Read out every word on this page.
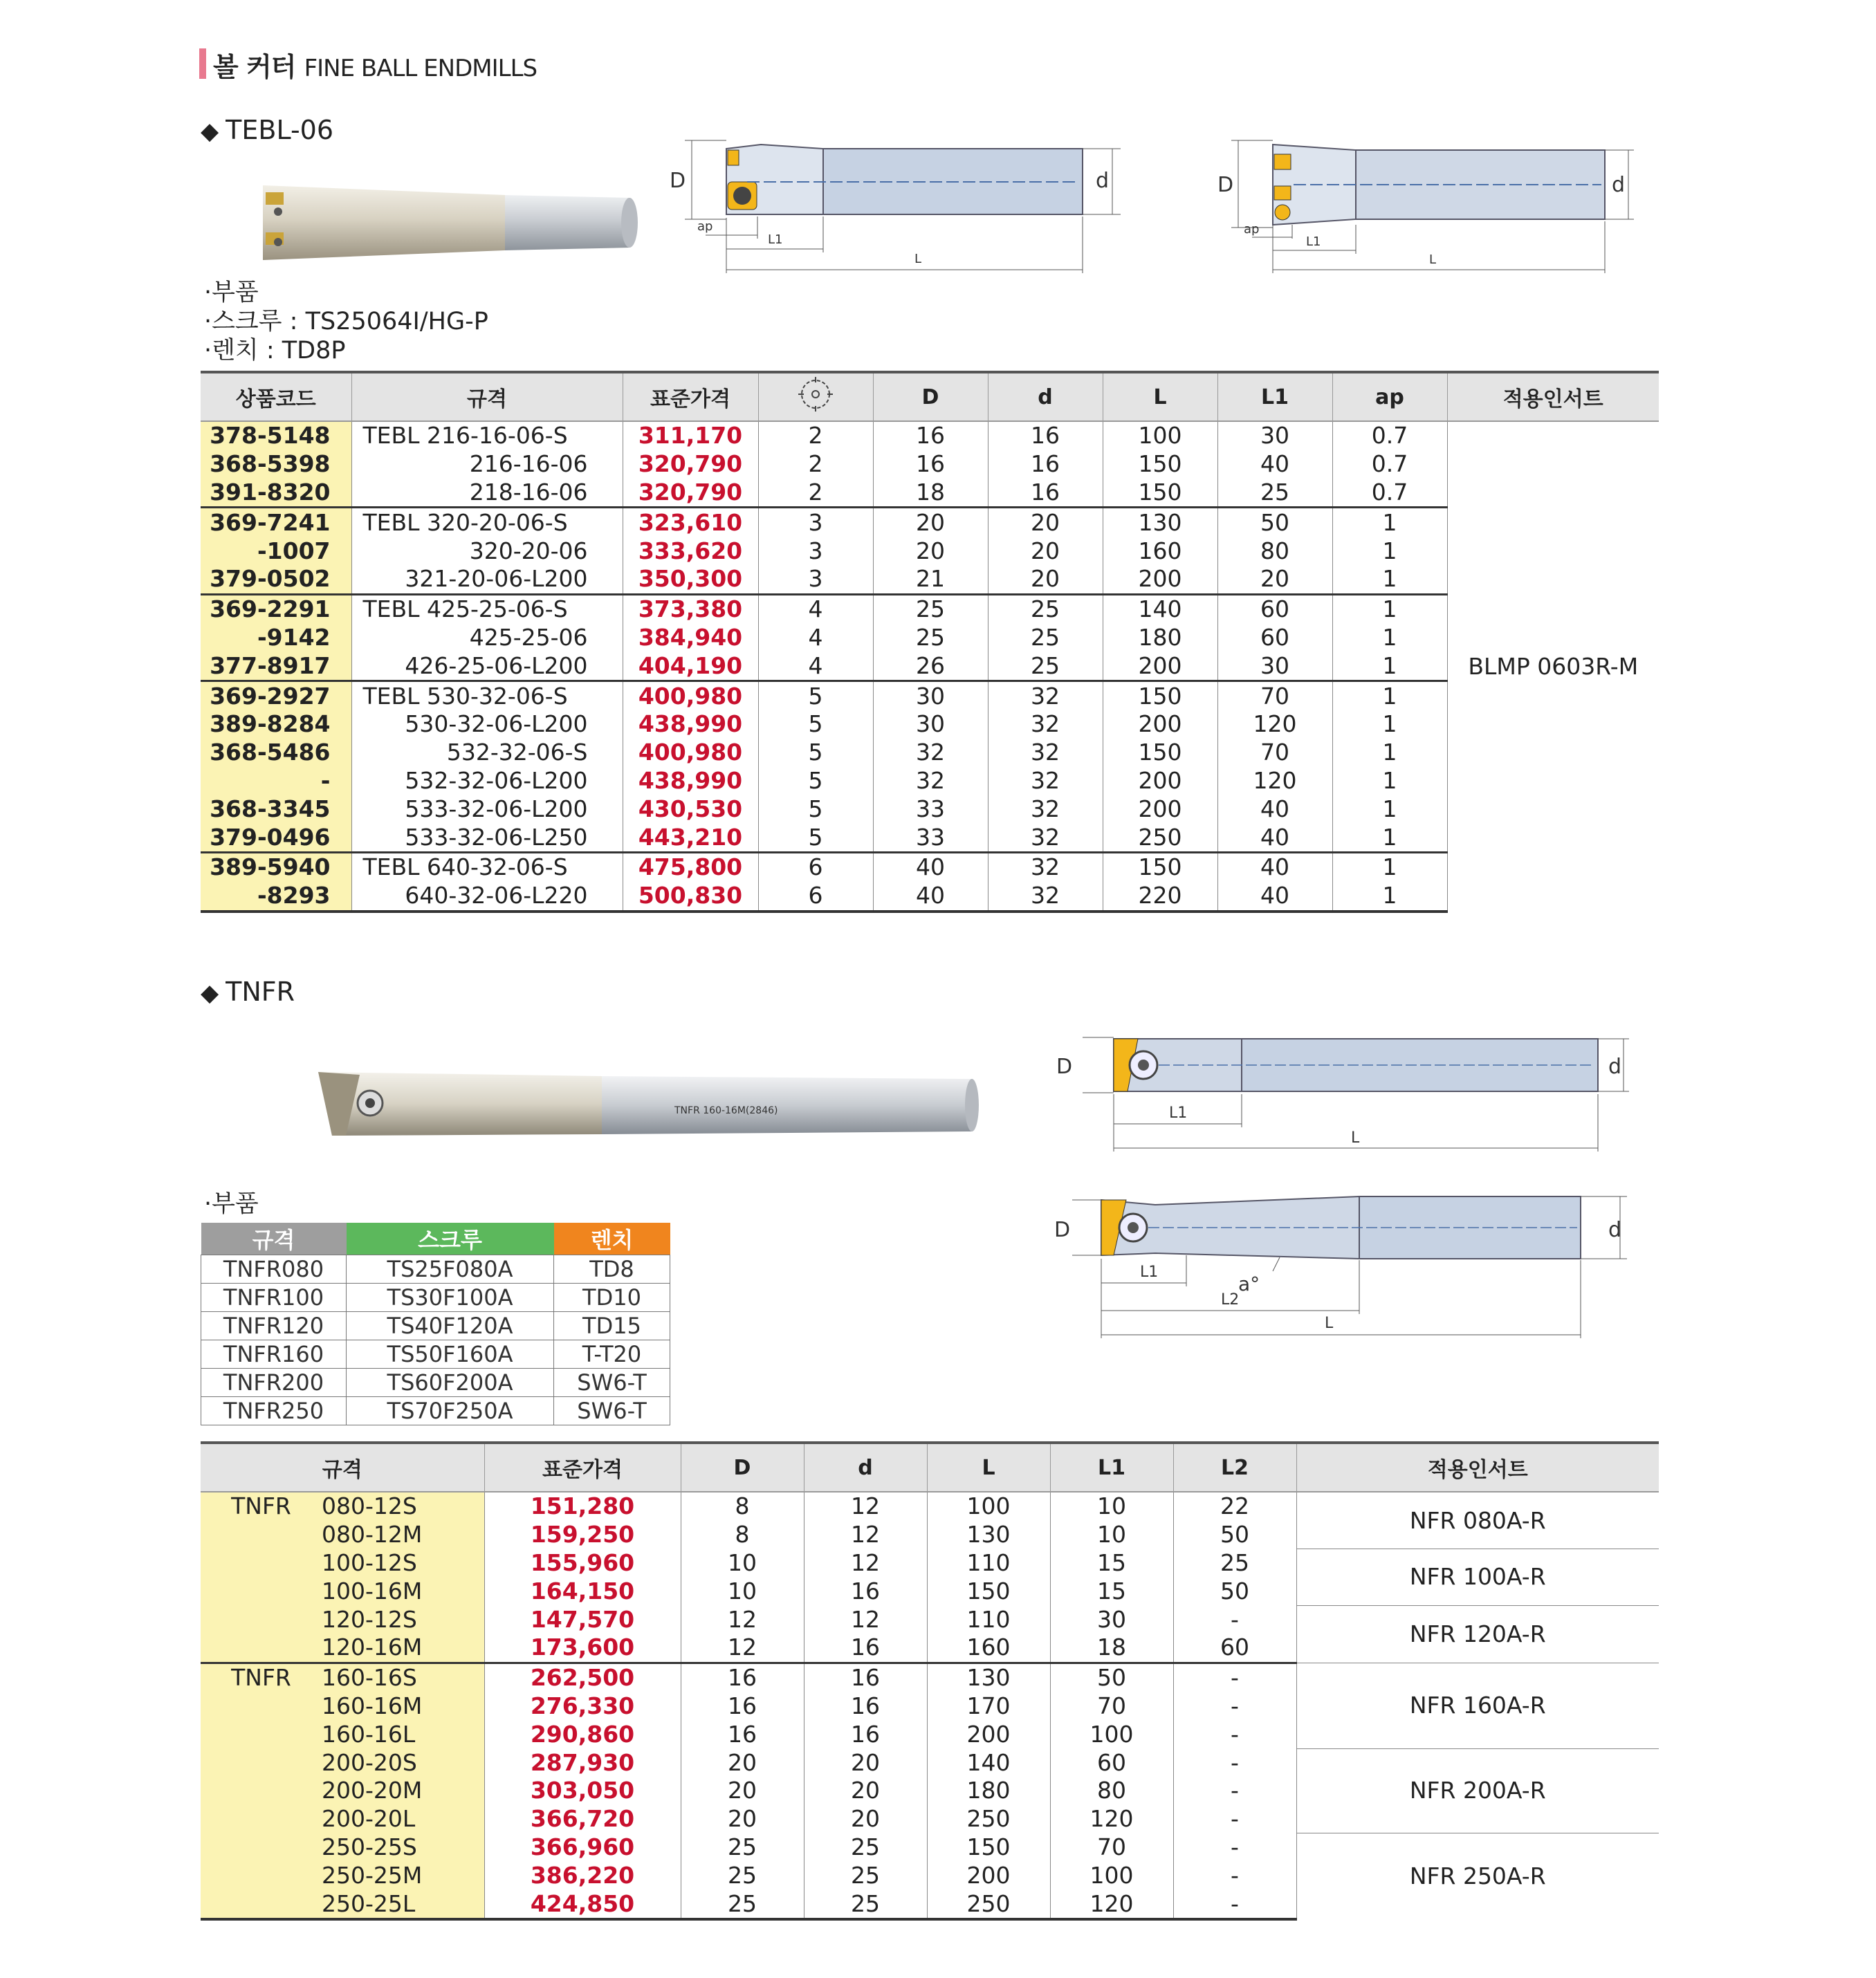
볼 커터 FINE BALL ENDMILLS
◆ TEBL-06
D	d
ap
L1
L
D	d
ap
L1
L
·부품
·스크루 : TS25064I/HG-P
·렌치 : TD8P
상품코드	규격	표준가격		D	d	L	L1	ap	적용인서트
378-5148	TEBL 216-16-06-S	311,170	2	16	16	100	30	0.7	BLMP 0603R-M
368-5398	216-16-06	320,790	2	16	16	150	40	0.7	
391-8320	218-16-06	320,790	2	18	16	150	25	0.7	
369-7241	TEBL 320-20-06-S	323,610	3	20	20	130	50	1	
-1007	320-20-06	333,620	3	20	20	160	80	1	
379-0502	321-20-06-L200	350,300	3	21	20	200	20	1	
369-2291	TEBL 425-25-06-S	373,380	4	25	25	140	60	1	
-9142	425-25-06	384,940	4	25	25	180	60	1	
377-8917	426-25-06-L200	404,190	4	26	25	200	30	1	
369-2927	TEBL 530-32-06-S	400,980	5	30	32	150	70	1	
389-8284	530-32-06-L200	438,990	5	30	32	200	120	1	
368-5486	532-32-06-S	400,980	5	32	32	150	70	1	
-	532-32-06-L200	438,990	5	32	32	200	120	1	
368-3345	533-32-06-L200	430,530	5	33	32	200	40	1	
379-0496	533-32-06-L250	443,210	5	33	32	250	40	1	
389-5940	TEBL 640-32-06-S	475,800	6	40	32	150	40	1	
-8293	640-32-06-L220	500,830	6	40	32	220	40	1	
◆ TNFR
TNFR 160-16M(2846)
D	d
L1
L
D	d
L1
a°
L2
L
·부품
규격	스크루	렌치
TNFR080	TS25F080A	TD8
TNFR100	TS30F100A	TD10
TNFR120	TS40F120A	TD15
TNFR160	TS50F160A	T-T20
TNFR200	TS60F200A	SW6-T
TNFR250	TS70F250A	SW6-T
규격	표준가격	D	d	L	L1	L2	적용인서트
TNFR 080-12S	151,280	8	12	100	10	22	NFR 080A-R
080-12M	159,250	8	12	130	10	50	
100-12S	155,960	10	12	110	15	25	NFR 100A-R
100-16M	164,150	10	16	150	15	50	
120-12S	147,570	12	12	110	30	-	NFR 120A-R
120-16M	173,600	12	16	160	18	60	
TNFR 160-16S	262,500	16	16	130	50	-	NFR 160A-R
160-16M	276,330	16	16	170	70	-	
160-16L	290,860	16	16	200	100	-	
200-20S	287,930	20	20	140	60	-	NFR 200A-R
200-20M	303,050	20	20	180	80	-	
200-20L	366,720	20	20	250	120	-	
250-25S	366,960	25	25	150	70	-	NFR 250A-R
250-25M	386,220	25	25	200	100	-	
250-25L	424,850	25	25	250	120	-	
